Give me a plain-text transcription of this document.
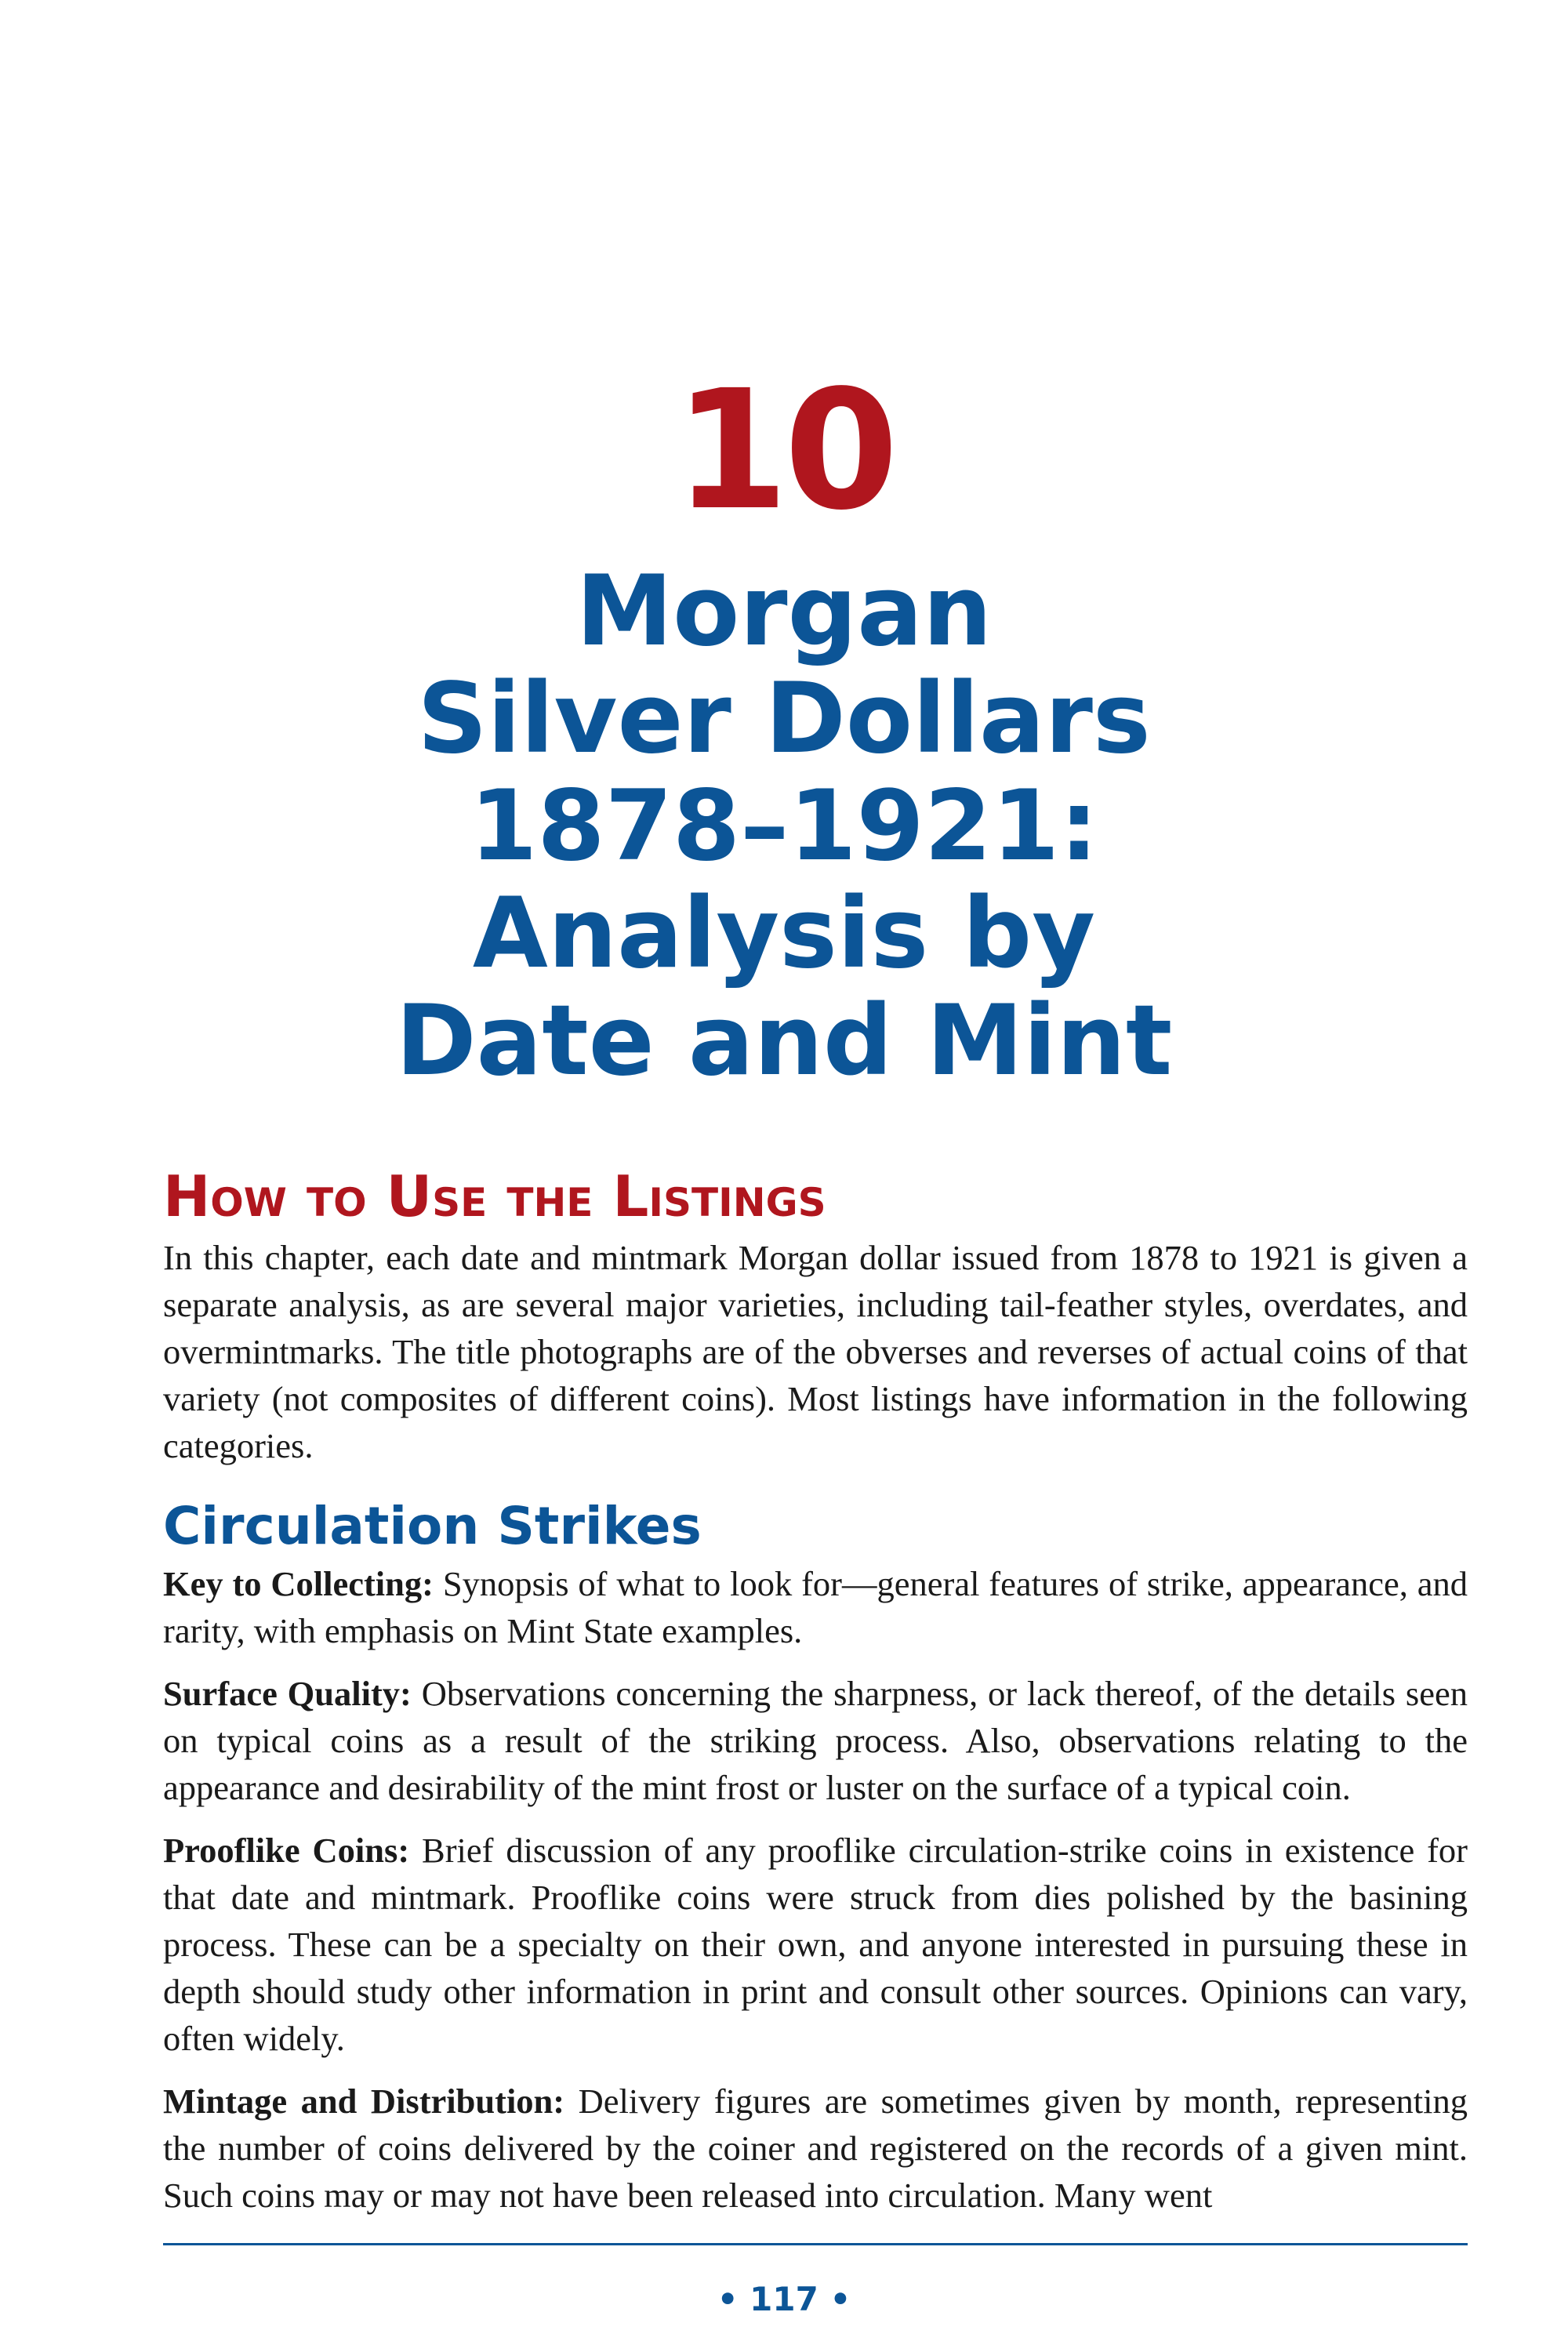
10
Morgan
Silver Dollars
1878–1921:
Analysis by
Date and Mint
How to Use the Listings

In this chapter, each date and mintmark Morgan dollar issued from 1878 to 1921 is given a separate analysis, as are several major varieties, including tail-feather styles, overdates, and overmintmarks. The title photographs are of the obverses and reverses of actual coins of that variety (not composites of different coins). Most listings have information in the following categories.

Circulation Strikes

Key to Collecting: Synopsis of what to look for—general features of strike, appearance, and rarity, with emphasis on Mint State examples.

Surface Quality: Observations concerning the sharpness, or lack thereof, of the details seen on typical coins as a result of the striking process. Also, observations relating to the appearance and desirability of the mint frost or luster on the surface of a typical coin.

Prooflike Coins: Brief discussion of any prooflike circulation-strike coins in existence for that date and mintmark. Prooflike coins were struck from dies polished by the basining process. These can be a specialty on their own, and anyone interested in pursuing these in depth should study other information in print and consult other sources. Opinions can vary, often widely.

Mintage and Distribution: Delivery figures are sometimes given by month, representing the number of coins delivered by the coiner and registered on the records of a given mint. Such coins may or may not have been released into circulation. Many went

• 117 •
